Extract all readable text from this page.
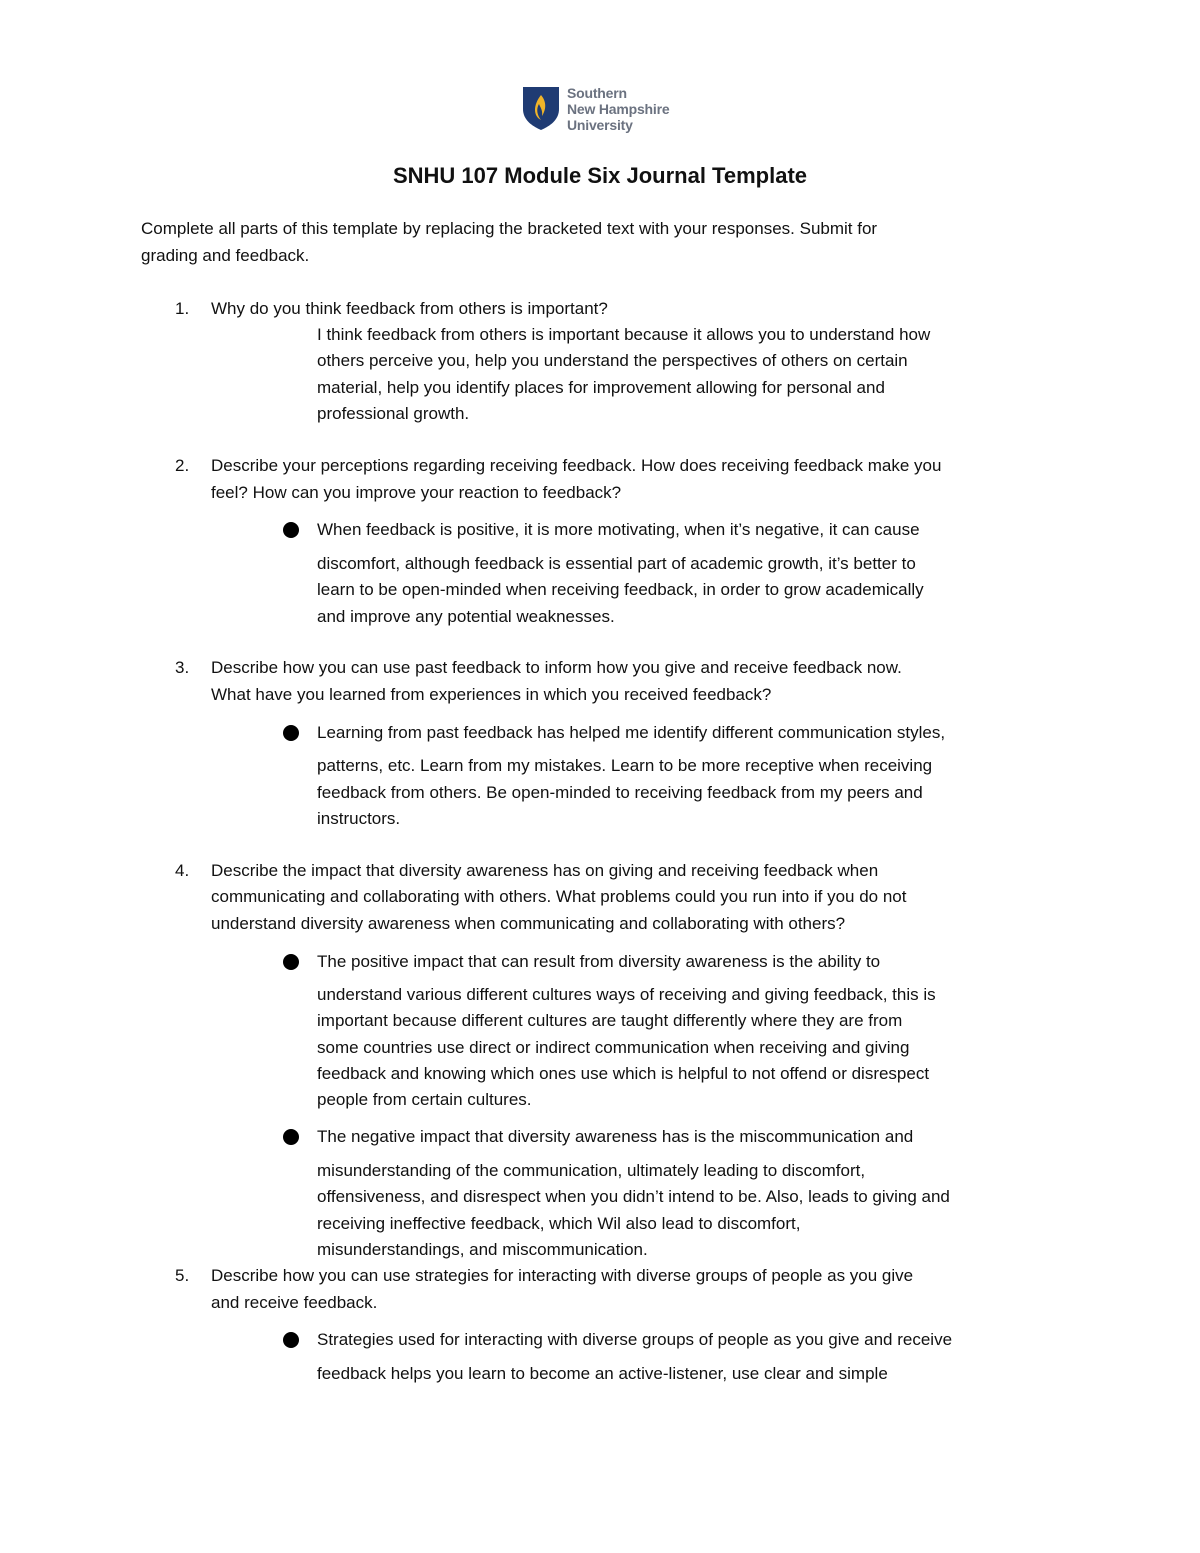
Southern
New Hampshire
University
SNHU 107 Module Six Journal Template
Complete all parts of this template by replacing the bracketed text with your responses. Submit for
grading and feedback.
1. Why do you think feedback from others is important?
I think feedback from others is important because it allows you to understand how
others perceive you, help you understand the perspectives of others on certain
material, help you identify places for improvement allowing for personal and
professional growth.
2. Describe your perceptions regarding receiving feedback. How does receiving feedback make you
feel? How can you improve your reaction to feedback?
When feedback is positive, it is more motivating, when it’s negative, it can cause
discomfort, although feedback is essential part of academic growth, it’s better to
learn to be open-minded when receiving feedback, in order to grow academically
and improve any potential weaknesses.
3. Describe how you can use past feedback to inform how you give and receive feedback now.
What have you learned from experiences in which you received feedback?
Learning from past feedback has helped me identify different communication styles,
patterns, etc. Learn from my mistakes. Learn to be more receptive when receiving
feedback from others. Be open-minded to receiving feedback from my peers and
instructors.
4. Describe the impact that diversity awareness has on giving and receiving feedback when
communicating and collaborating with others. What problems could you run into if you do not
understand diversity awareness when communicating and collaborating with others?
The positive impact that can result from diversity awareness is the ability to
understand various different cultures ways of receiving and giving feedback, this is
important because different cultures are taught differently where they are from
some countries use direct or indirect communication when receiving and giving
feedback and knowing which ones use which is helpful to not offend or disrespect
people from certain cultures.
The negative impact that diversity awareness has is the miscommunication and
misunderstanding of the communication, ultimately leading to discomfort,
offensiveness, and disrespect when you didn’t intend to be. Also, leads to giving and
receiving ineffective feedback, which Wil also lead to discomfort,
misunderstandings, and miscommunication.
5. Describe how you can use strategies for interacting with diverse groups of people as you give
and receive feedback.
Strategies used for interacting with diverse groups of people as you give and receive
feedback helps you learn to become an active-listener, use clear and simple
